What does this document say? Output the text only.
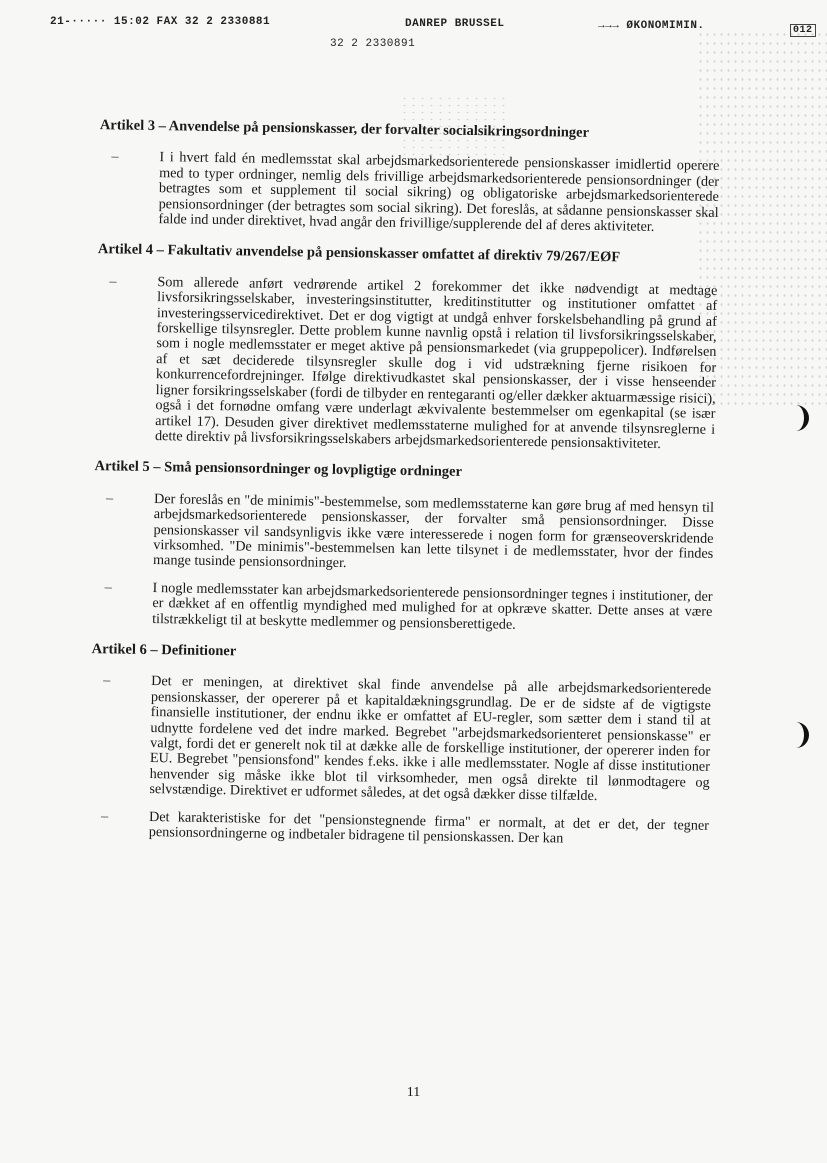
21-····· 15:02 FAX 32 2 2330881	DANREP BRUSSEL	→→→ ØKONOMIMIN.	012
32 2 2330891
Artikel 3 – Anvendelse på pensionskasser, der forvalter socialsikringsordninger
–	I i hvert fald én medlemsstat skal arbejdsmarkedsorienterede pensionskasser imidlertid operere med to typer ordninger, nemlig dels frivillige arbejdsmarkedsorienterede pensionsordninger (der betragtes som et supplement til social sikring) og obligatoriske arbejdsmarkedsorienterede pensionsordninger (der betragtes som social sikring). Det foreslås, at sådanne pensionskasser skal falde ind under direktivet, hvad angår den frivillige/supplerende del af deres aktiviteter.
Artikel 4 – Fakultativ anvendelse på pensionskasser omfattet af direktiv 79/267/EØF
–	Som allerede anført vedrørende artikel 2 forekommer det ikke nødvendigt at medtage livsforsikringsselskaber, investeringsinstitutter, kreditinstitutter og institutioner omfattet af investeringsservicedirektivet. Det er dog vigtigt at undgå enhver forskelsbehandling på grund af forskellige tilsynsregler. Dette problem kunne navnlig opstå i relation til livsforsikringsselskaber, som i nogle medlemsstater er meget aktive på pensionsmarkedet (via gruppepolicer). Indførelsen af et sæt deciderede tilsynsregler skulle dog i vid udstrækning fjerne risikoen for konkurrencefordrejninger. Ifølge direktivudkastet skal pensionskasser, der i visse henseender ligner forsikringsselskaber (fordi de tilbyder en rentegaranti og/eller dækker aktuarmæssige risici), også i det fornødne omfang være underlagt ækvivalente bestemmelser om egenkapital (se især artikel 17). Desuden giver direktivet medlemsstaterne mulighed for at anvende tilsynsreglerne i dette direktiv på livsforsikringsselskabers arbejdsmarkedsorienterede pensionsaktiviteter.
Artikel 5 – Små pensionsordninger og lovpligtige ordninger
–	Der foreslås en "de minimis"-bestemmelse, som medlemsstaterne kan gøre brug af med hensyn til arbejdsmarkedsorienterede pensionskasser, der forvalter små pensionsordninger. Disse pensionskasser vil sandsynligvis ikke være interesserede i nogen form for grænseoverskridende virksomhed. "De minimis"-bestemmelsen kan lette tilsynet i de medlemsstater, hvor der findes mange tusinde pensionsordninger.
–	I nogle medlemsstater kan arbejdsmarkedsorienterede pensionsordninger tegnes i institutioner, der er dækket af en offentlig myndighed med mulighed for at opkræve skatter. Dette anses at være tilstrækkeligt til at beskytte medlemmer og pensionsberettigede.
Artikel 6 – Definitioner
–	Det er meningen, at direktivet skal finde anvendelse på alle arbejdsmarkedsorienterede pensionskasser, der opererer på et kapitaldækningsgrundlag. De er de sidste af de vigtigste finansielle institutioner, der endnu ikke er omfattet af EU-regler, som sætter dem i stand til at udnytte fordelene ved det indre marked. Begrebet "arbejdsmarkedsorienteret pensionskasse" er valgt, fordi det er generelt nok til at dække alle de forskellige institutioner, der opererer inden for EU. Begrebet "pensionsfond" kendes f.eks. ikke i alle medlemsstater. Nogle af disse institutioner henvender sig måske ikke blot til virksomheder, men også direkte til lønmodtagere og selvstændige. Direktivet er udformet således, at det også dækker disse tilfælde.
–	Det karakteristiske for det "pensionstegnende firma" er normalt, at det er det, der tegner pensionsordningerne og indbetaler bidragene til pensionskassen. Der kan
11
